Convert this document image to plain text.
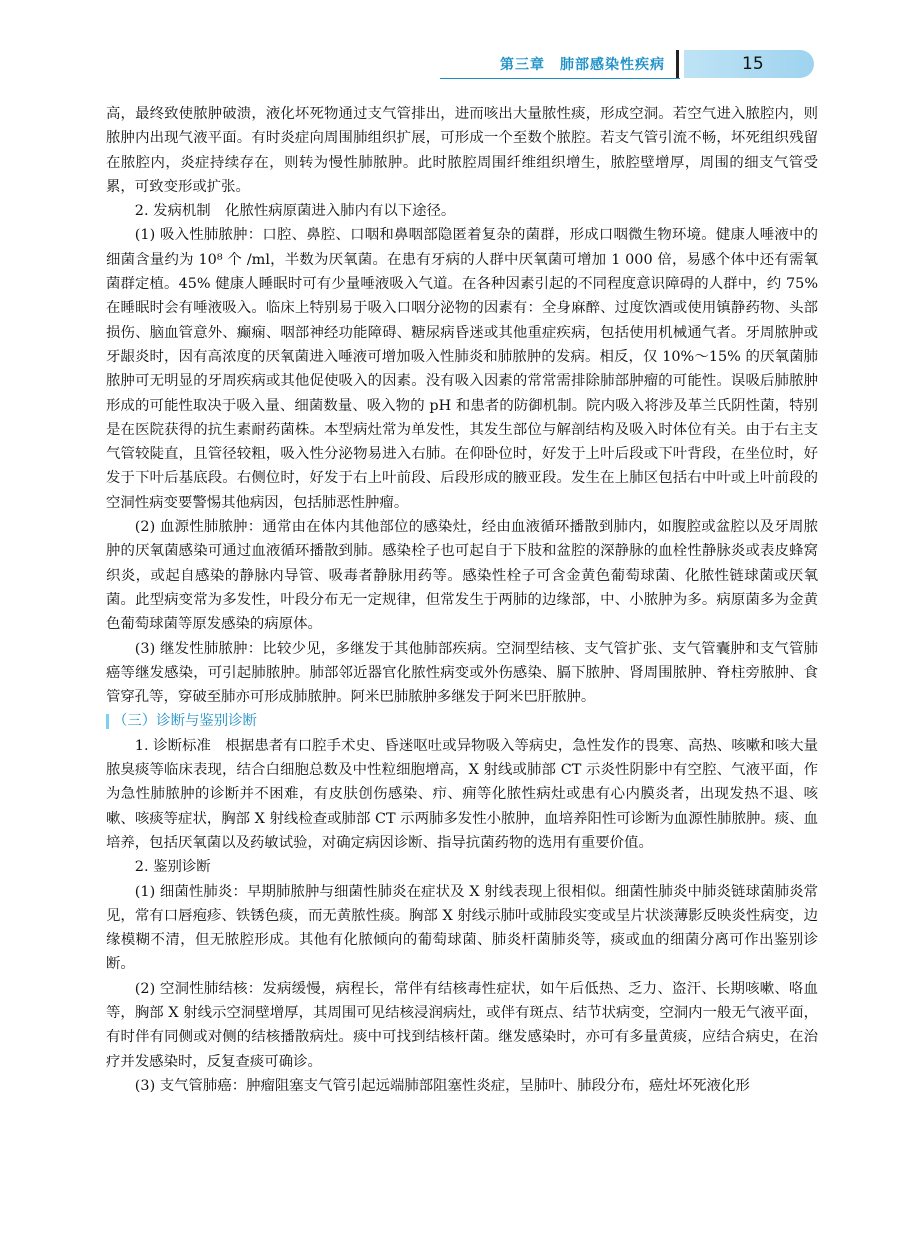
第三章　肺部感染性疾病	15

高，最终致使脓肿破溃，液化坏死物通过支气管排出，进而咳出大量脓性痰，形成空洞。若空气进入脓腔内，则脓肿内出现气液平面。有时炎症向周围肺组织扩展，可形成一个至数个脓腔。若支气管引流不畅，坏死组织残留在脓腔内，炎症持续存在，则转为慢性肺脓肿。此时脓腔周围纤维组织增生，脓腔壁增厚，周围的细支气管受累，可致变形或扩张。

2. 发病机制　化脓性病原菌进入肺内有以下途径。

(1) 吸入性肺脓肿：口腔、鼻腔、口咽和鼻咽部隐匿着复杂的菌群，形成口咽微生物环境。健康人唾液中的细菌含量约为 10⁸ 个 /ml，半数为厌氧菌。在患有牙病的人群中厌氧菌可增加 1 000 倍，易感个体中还有需氧菌群定植。45% 健康人睡眠时可有少量唾液吸入气道。在各种因素引起的不同程度意识障碍的人群中，约 75% 在睡眠时会有唾液吸入。临床上特别易于吸入口咽分泌物的因素有：全身麻醉、过度饮酒或使用镇静药物、头部损伤、脑血管意外、癫痫、咽部神经功能障碍、糖尿病昏迷或其他重症疾病，包括使用机械通气者。牙周脓肿或牙龈炎时，因有高浓度的厌氧菌进入唾液可增加吸入性肺炎和肺脓肿的发病。相反，仅 10%～15% 的厌氧菌肺脓肿可无明显的牙周疾病或其他促使吸入的因素。没有吸入因素的常常需排除肺部肿瘤的可能性。误吸后肺脓肿形成的可能性取决于吸入量、细菌数量、吸入物的 pH 和患者的防御机制。院内吸入将涉及革兰氏阴性菌，特别是在医院获得的抗生素耐药菌株。本型病灶常为单发性，其发生部位与解剖结构及吸入时体位有关。由于右主支气管较陡直，且管径较粗，吸入性分泌物易进入右肺。在仰卧位时，好发于上叶后段或下叶背段，在坐位时，好发于下叶后基底段。右侧位时，好发于右上叶前段、后段形成的腋亚段。发生在上肺区包括右中叶或上叶前段的空洞性病变要警惕其他病因，包括肺恶性肿瘤。

(2) 血源性肺脓肿：通常由在体内其他部位的感染灶，经由血液循环播散到肺内，如腹腔或盆腔以及牙周脓肿的厌氧菌感染可通过血液循环播散到肺。感染栓子也可起自于下肢和盆腔的深静脉的血栓性静脉炎或表皮蜂窝织炎，或起自感染的静脉内导管、吸毒者静脉用药等。感染性栓子可含金黄色葡萄球菌、化脓性链球菌或厌氧菌。此型病变常为多发性，叶段分布无一定规律，但常发生于两肺的边缘部，中、小脓肿为多。病原菌多为金黄色葡萄球菌等原发感染的病原体。

(3) 继发性肺脓肿：比较少见，多继发于其他肺部疾病。空洞型结核、支气管扩张、支气管囊肿和支气管肺癌等继发感染，可引起肺脓肿。肺部邻近器官化脓性病变或外伤感染、膈下脓肿、肾周围脓肿、脊柱旁脓肿、食管穿孔等，穿破至肺亦可形成肺脓肿。阿米巴肺脓肿多继发于阿米巴肝脓肿。

（三）诊断与鉴别诊断

1. 诊断标准　根据患者有口腔手术史、昏迷呕吐或异物吸入等病史，急性发作的畏寒、高热、咳嗽和咳大量脓臭痰等临床表现，结合白细胞总数及中性粒细胞增高，X 射线或肺部 CT 示炎性阴影中有空腔、气液平面，作为急性肺脓肿的诊断并不困难，有皮肤创伤感染、疖、痈等化脓性病灶或患有心内膜炎者，出现发热不退、咳嗽、咳痰等症状，胸部 X 射线检查或肺部 CT 示两肺多发性小脓肿，血培养阳性可诊断为血源性肺脓肿。痰、血培养，包括厌氧菌以及药敏试验，对确定病因诊断、指导抗菌药物的选用有重要价值。

2. 鉴别诊断

(1) 细菌性肺炎：早期肺脓肿与细菌性肺炎在症状及 X 射线表现上很相似。细菌性肺炎中肺炎链球菌肺炎常见，常有口唇疱疹、铁锈色痰，而无黄脓性痰。胸部 X 射线示肺叶或肺段实变或呈片状淡薄影反映炎性病变，边缘模糊不清，但无脓腔形成。其他有化脓倾向的葡萄球菌、肺炎杆菌肺炎等，痰或血的细菌分离可作出鉴别诊断。

(2) 空洞性肺结核：发病缓慢，病程长，常伴有结核毒性症状，如午后低热、乏力、盗汗、长期咳嗽、咯血等，胸部 X 射线示空洞壁增厚，其周围可见结核浸润病灶，或伴有斑点、结节状病变，空洞内一般无气液平面，有时伴有同侧或对侧的结核播散病灶。痰中可找到结核杆菌。继发感染时，亦可有多量黄痰，应结合病史，在治疗并发感染时，反复查痰可确诊。

(3) 支气管肺癌：肿瘤阻塞支气管引起远端肺部阻塞性炎症，呈肺叶、肺段分布，癌灶坏死液化形
